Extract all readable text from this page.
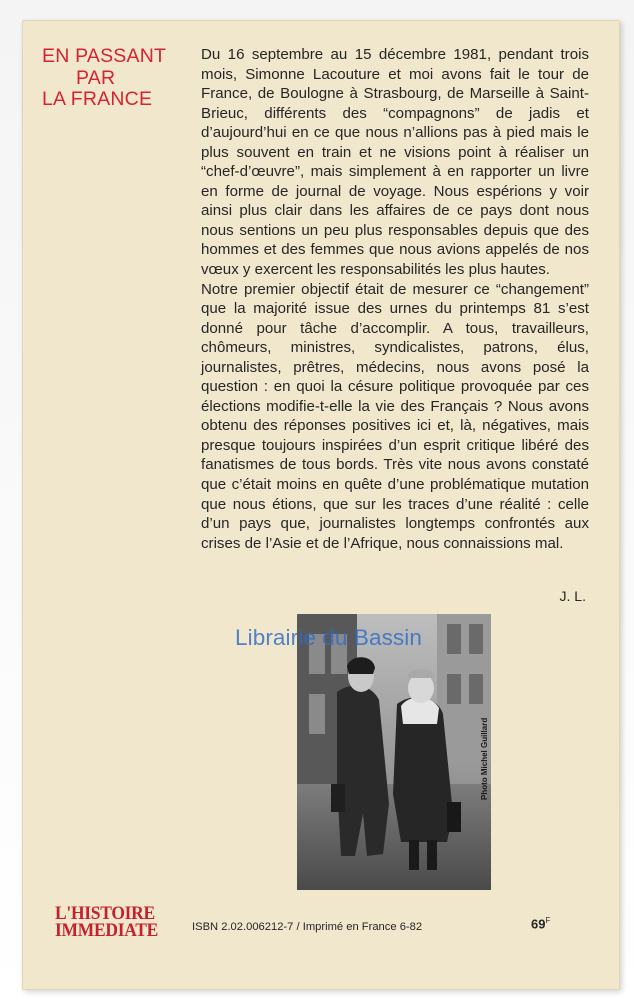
EN PASSANT
PAR
LA FRANCE

Du 16 septembre au 15 décembre 1981, pendant trois mois, Simonne Lacouture et moi avons fait le tour de France, de Boulogne à Strasbourg, de Marseille à Saint-Brieuc, différents des “compagnons” de jadis et d’aujourd’hui en ce que nous n’allions pas à pied mais le plus souvent en train et ne visions point à réaliser un “chef-d’œuvre”, mais simplement à en rapporter un livre en forme de journal de voyage. Nous espérions y voir ainsi plus clair dans les affaires de ce pays dont nous nous sentions un peu plus responsables depuis que des hommes et des femmes que nous avions appelés de nos vœux y exercent les responsabilités les plus hautes.

Notre premier objectif était de mesurer ce “changement” que la majorité issue des urnes du printemps 81 s’est donné pour tâche d’accomplir. A tous, travailleurs, chômeurs, ministres, syndicalistes, patrons, élus, journalistes, prêtres, médecins, nous avons posé la question : en quoi la césure politique provoquée par ces élections modifie-t-elle la vie des Français ? Nous avons obtenu des réponses positives ici et, là, négatives, mais presque toujours inspirées d’un esprit critique libéré des fanatismes de tous bords. Très vite nous avons constaté que c’était moins en quête d’une problématique mutation que nous étions, que sur les traces d’une réalité : celle d’un pays que, journalistes longtemps confrontés aux crises de l’Asie et de l’Afrique, nous connaissions mal.

J. L.
Photo Michel Guillard
Librairie du Bassin
L'HISTOIRE
IMMEDIATE	ISBN 2.02.006212-7 / Imprimé en France 6-82	$69^F$
